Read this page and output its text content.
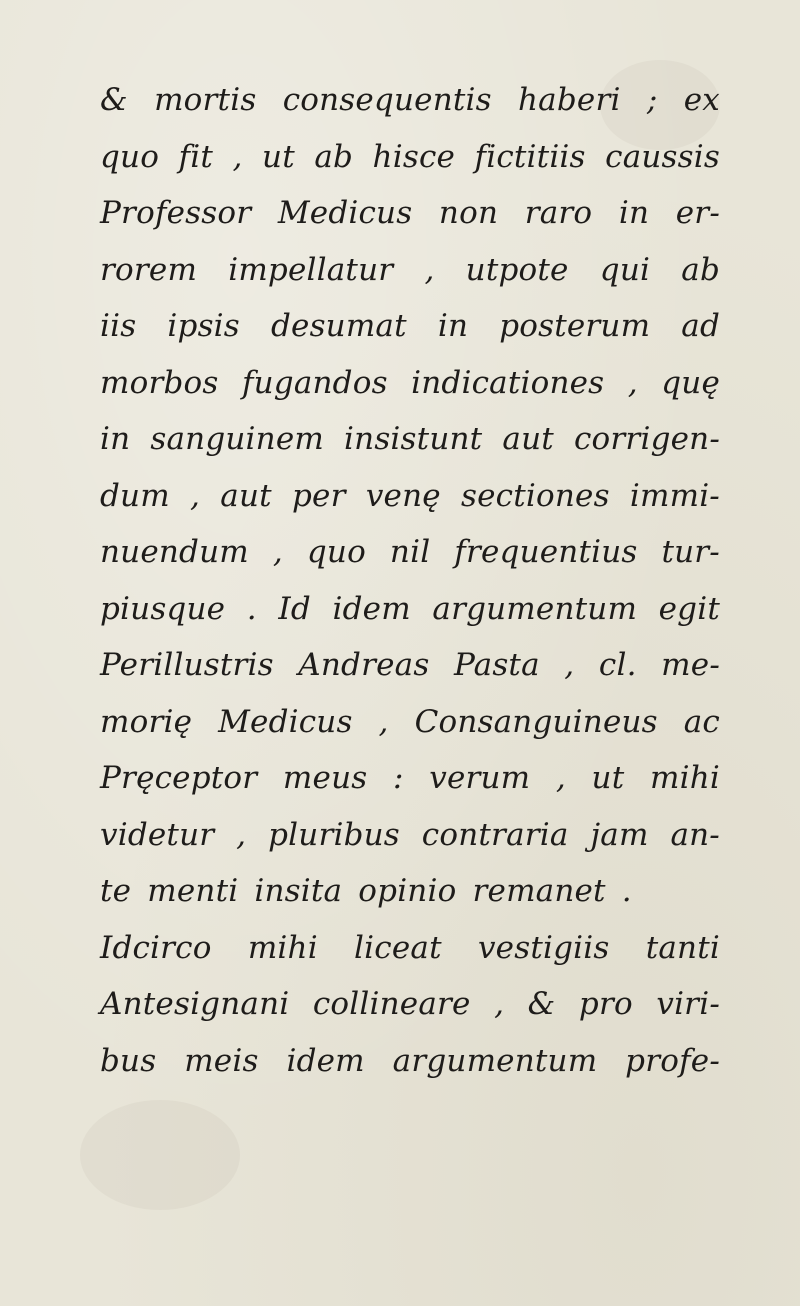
& mortis consequentis haberi ; ex
quo fit , ut ab hisce fictitiis caussis
Professor Medicus non raro in er-
rorem impellatur , utpote qui ab
iis ipsis desumat in posterum ad
morbos fugandos indicationes , quę
in sanguinem insistunt aut corrigen-
dum , aut per venę sectiones immi-
nuendum , quo nil frequentius tur-
piusque . Id idem argumentum egit
Perillustris Andreas Pasta , cl. me-
morię Medicus , Consanguineus ac
Pręceptor meus : verum , ut mihi
videtur , pluribus contraria jam an-
te menti insita opinio remanet .
Idcirco mihi liceat vestigiis tanti
Antesignani collineare , & pro viri-
bus meis idem argumentum profe-
